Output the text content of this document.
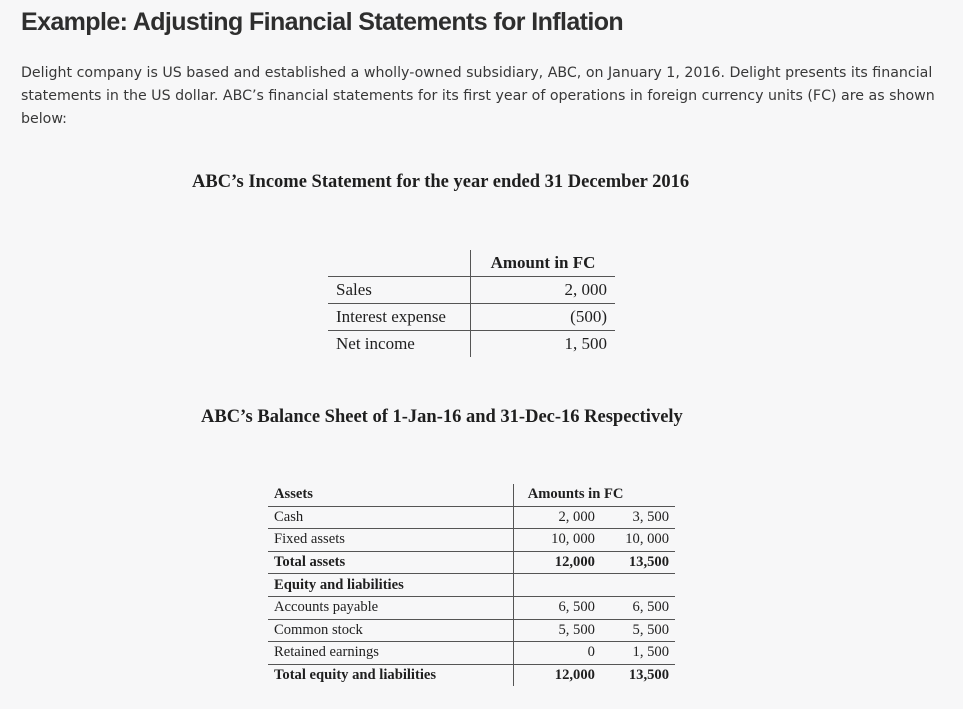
Example: Adjusting Financial Statements for Inflation

Delight company is US based and established a wholly-owned subsidiary, ABC, on January 1, 2016. Delight presents its financial statements in the US dollar. ABC’s financial statements for its first year of operations in foreign currency units (FC) are as shown below:

ABC’s Income Statement for the year ended 31 December 2016
	Amount in FC
Sales	2, 000
Interest expense	(500)
Net income	1, 500
ABC’s Balance Sheet of 1-Jan-16 and 31-Dec-16 Respectively
Assets	Amounts in FC	
Cash	2, 000	3, 500
Fixed assets	10, 000	10, 000
Total assets	12,000	13,500
Equity and liabilities		
Accounts payable	6, 500	6, 500
Common stock	5, 500	5, 500
Retained earnings	0	1, 500
Total equity and liabilities	12,000	13,500
